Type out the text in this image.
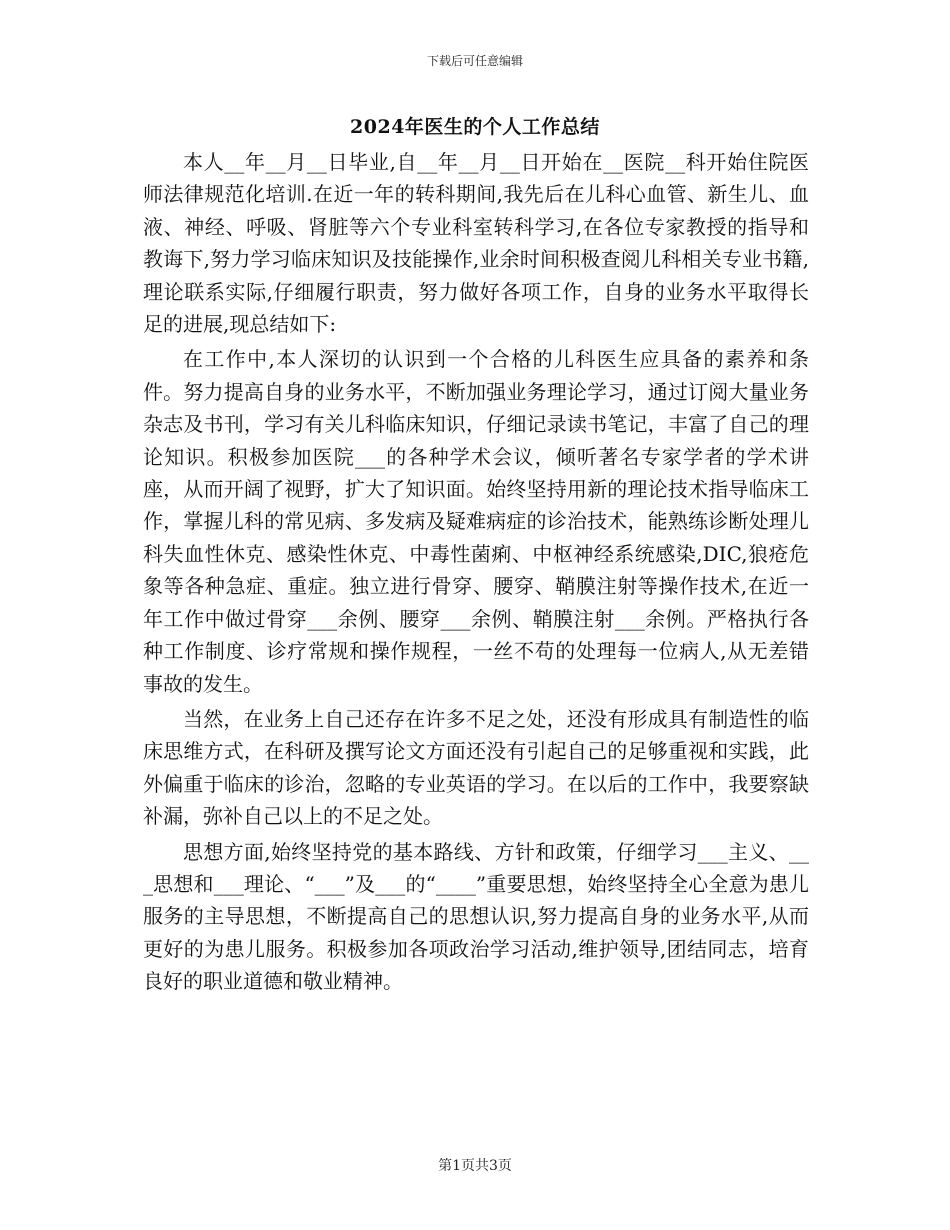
下载后可任意编辑
2024年医生的个人工作总结

本人__年__月__日毕业,自__年__月__日开始在__医院__科开始住院医师法律规范化培训.在近一年的转科期间,我先后在儿科心血管、新生儿、血液、神经、呼吸、肾脏等六个专业科室转科学习,在各位专家教授的指导和教诲下,努力学习临床知识及技能操作,业余时间积极查阅儿科相关专业书籍,理论联系实际,仔细履行职责，努力做好各项工作，自身的业务水平取得长足的进展,现总结如下:

在工作中,本人深切的认识到一个合格的儿科医生应具备的素养和条件。努力提高自身的业务水平，不断加强业务理论学习，通过订阅大量业务杂志及书刊，学习有关儿科临床知识，仔细记录读书笔记，丰富了自己的理论知识。积极参加医院___的各种学术会议，倾听著名专家学者的学术讲座，从而开阔了视野，扩大了知识面。始终坚持用新的理论技术指导临床工作，掌握儿科的常见病、多发病及疑难病症的诊治技术，能熟练诊断处理儿科失血性休克、感染性休克、中毒性菌痢、中枢神经系统感染,DIC,狼疮危象等各种急症、重症。独立进行骨穿、腰穿、鞘膜注射等操作技术,在近一年工作中做过骨穿___余例、腰穿___余例、鞘膜注射___余例。严格执行各种工作制度、诊疗常规和操作规程，一丝不苟的处理每一位病人,从无差错事故的发生。

当然，在业务上自己还存在许多不足之处，还没有形成具有制造性的临床思维方式，在科研及撰写论文方面还没有引起自己的足够重视和实践，此外偏重于临床的诊治，忽略的专业英语的学习。在以后的工作中，我要察缺补漏，弥补自己以上的不足之处。

思想方面,始终坚持党的基本路线、方针和政策，仔细学习___主义、___思想和___理论、“___”及___的“____”重要思想，始终坚持全心全意为患儿服务的主导思想，不断提高自己的思想认识,努力提高自身的业务水平,从而更好的为患儿服务。积极参加各项政治学习活动,维护领导,团结同志，培育良好的职业道德和敬业精神。

第1页共3页
